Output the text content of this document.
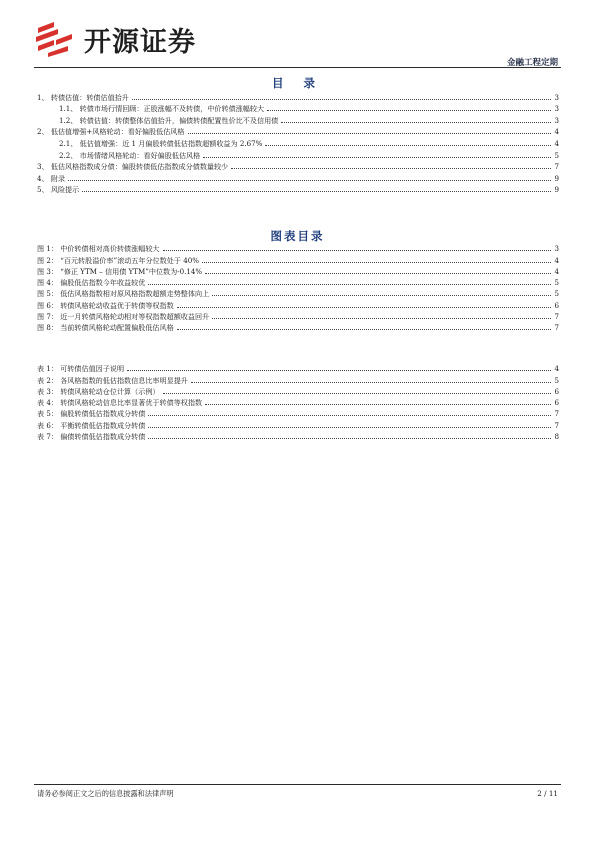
开源证券
金融工程定期
目 录
1、 转债估值：转债估值拾升	3
1.1、 转债市场行情回顾：正股涨幅不及转债，中价转债涨幅较大	3
1.2、 转债估值：转债整体估值拾升，偏债转债配置性价比不及信用债	3
2、 低估值增强+风格轮动：看好偏股低估风格	4
2.1、 低估值增强：近 1 月偏股转债低估指数超额收益为 2.67%	4
2.2、 市场情绪风格轮动：看好偏股低估风格	5
3、 低估风格指数成分债：偏股转债低估指数成分债数量较少	7
4、 附录	9
5、 风险提示	9
图表目录
图 1： 中价转债相对高价转债涨幅较大	3
图 2： “百元转股溢价率”滚动五年分位数处于 40%	4
图 3： “修正 YTM – 信用债 YTM”中位数为-0.14%	4
图 4： 偏股低估指数今年收益较优	5
图 5： 低估风格指数相对原风格指数超额走势整体向上	5
图 6： 转债风格轮动收益优于转债等权指数	6
图 7： 近一月转债风格轮动相对等权指数超额收益回升	7
图 8： 当前转债风格轮动配置偏股低估风格	7
表 1： 可转债估值因子说明	4
表 2： 各风格指数的低估指数信息比率明显提升	5
表 3： 转债风格轮动仓位计算（示例）	6
表 4： 转债风格轮动信息比率显著优于转债等权指数	6
表 5： 偏股转债低估指数成分转债	7
表 6： 平衡转债低估指数成分转债	7
表 7： 偏债转债低估指数成分转债	8
请务必参阅正文之后的信息披露和法律声明	2 / 11
